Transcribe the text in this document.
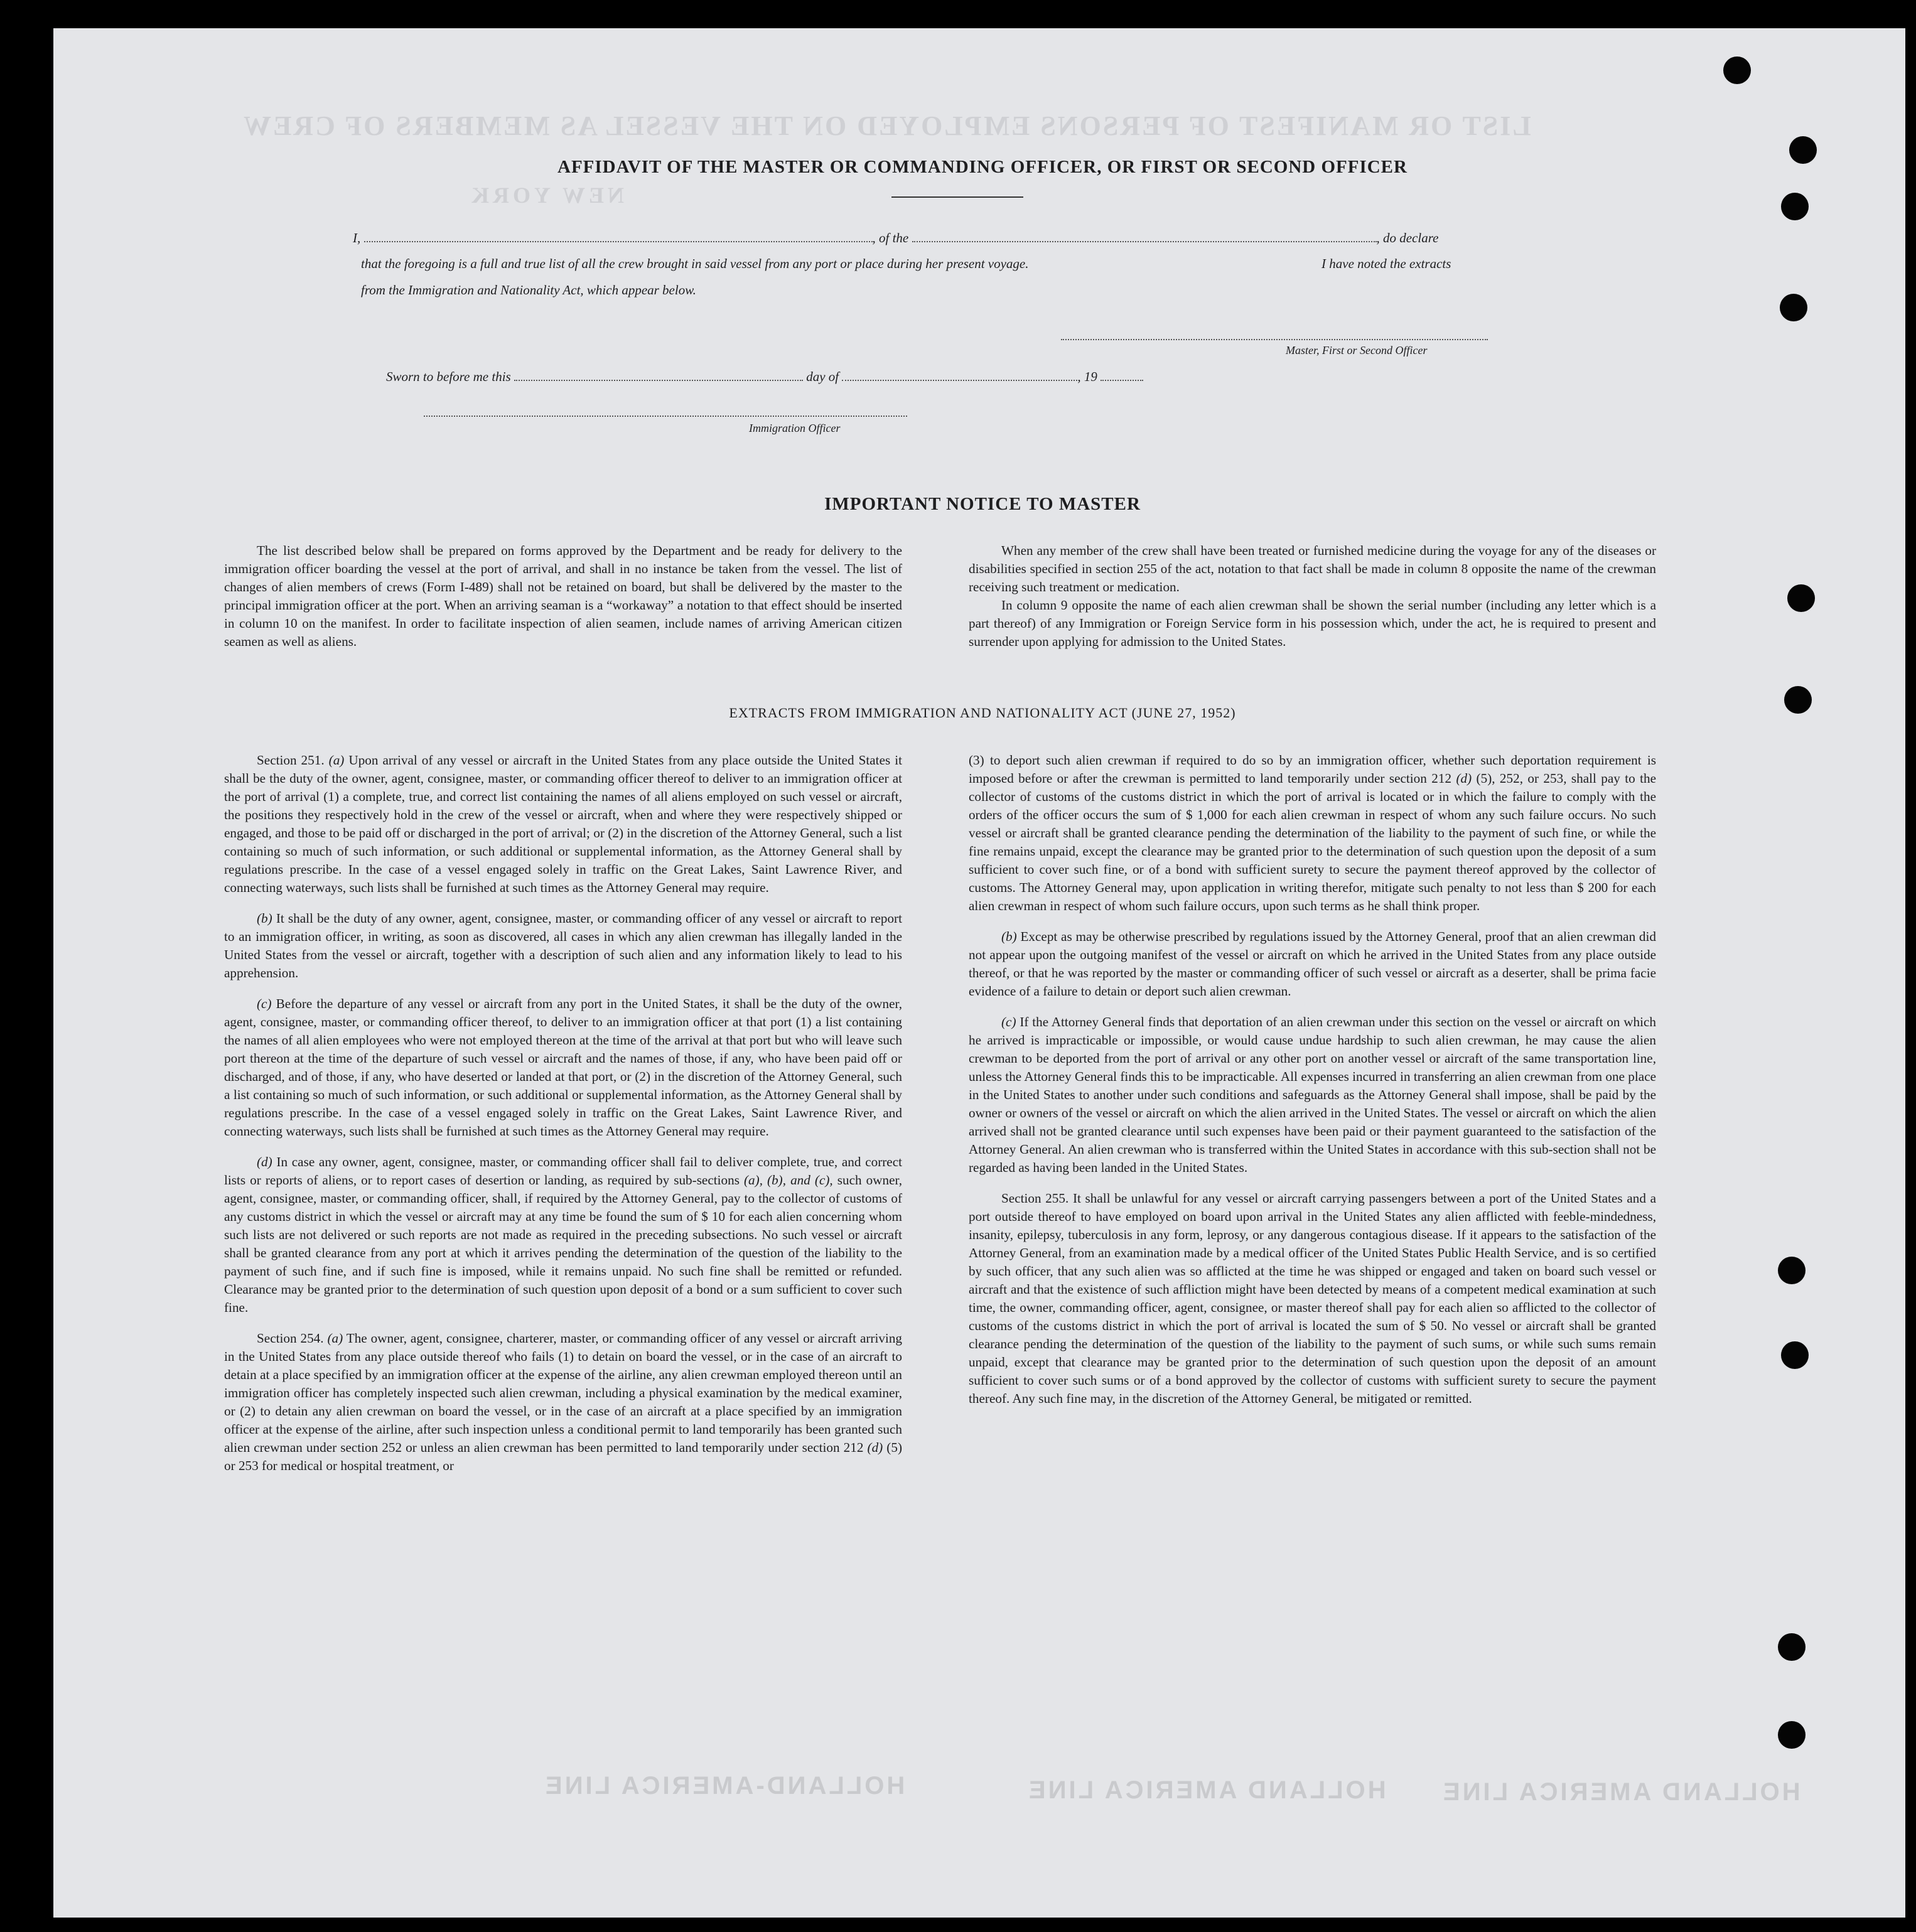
LIST OR MANIFEST OF PERSONS EMPLOYED ON THE VESSEL AS MEMBERS OF CREW
NEW YORK
HOLLAND-AMERICA LINE	HOLLAND AMERICA LINE HOLLAND AMERICA LINE
AFFIDAVIT OF THE MASTER OR COMMANDING OFFICER, OR FIRST OR SECOND OFFICER
I,	, of the	, do declare
that the foregoing is a full and true list of all the crew brought in said vessel from any port or place during her present voyage.	I have noted the extracts
from the Immigration and Nationality Act, which appear below.
Master, First or Second Officer
Sworn to before me this	day of	, 19
Immigration Officer
IMPORTANT NOTICE TO MASTER

The list described below shall be prepared on forms approved by the Department and be ready for delivery to the immigration officer boarding the vessel at the port of arrival, and shall in no instance be taken from the vessel. The list of changes of alien members of crews (Form I-489) shall not be retained on board, but shall be delivered by the master to the principal immigration officer at the port. When an arriving seaman is a “workaway” a notation to that effect should be inserted in column 10 on the manifest. In order to facilitate inspection of alien seamen, include names of arriving American citizen seamen as well as aliens.

When any member of the crew shall have been treated or furnished medicine during the voyage for any of the diseases or disabilities specified in section 255 of the act, notation to that fact shall be made in column 8 opposite the name of the crewman receiving such treatment or medication.

In column 9 opposite the name of each alien crewman shall be shown the serial number (including any letter which is a part thereof) of any Immigration or Foreign Service form in his possession which, under the act, he is required to present and surrender upon applying for admission to the United States.

EXTRACTS FROM IMMIGRATION AND NATIONALITY ACT (JUNE 27, 1952)

Section 251. (a) Upon arrival of any vessel or aircraft in the United States from any place outside the United States it shall be the duty of the owner, agent, consignee, master, or commanding officer thereof to deliver to an immigration officer at the port of arrival (1) a complete, true, and correct list containing the names of all aliens employed on such vessel or aircraft, the positions they respectively hold in the crew of the vessel or aircraft, when and where they were respectively shipped or engaged, and those to be paid off or discharged in the port of arrival; or (2) in the discretion of the Attorney General, such a list containing so much of such information, or such additional or supplemental information, as the Attorney General shall by regulations prescribe. In the case of a vessel engaged solely in traffic on the Great Lakes, Saint Lawrence River, and connecting waterways, such lists shall be furnished at such times as the Attorney General may require.

(b) It shall be the duty of any owner, agent, consignee, master, or commanding officer of any vessel or aircraft to report to an immigration officer, in writing, as soon as discovered, all cases in which any alien crewman has illegally landed in the United States from the vessel or aircraft, together with a description of such alien and any information likely to lead to his apprehension.

(c) Before the departure of any vessel or aircraft from any port in the United States, it shall be the duty of the owner, agent, consignee, master, or commanding officer thereof, to deliver to an immigration officer at that port (1) a list containing the names of all alien employees who were not employed thereon at the time of the arrival at that port but who will leave such port thereon at the time of the departure of such vessel or aircraft and the names of those, if any, who have been paid off or discharged, and of those, if any, who have deserted or landed at that port, or (2) in the discretion of the Attorney General, such a list containing so much of such information, or such additional or supplemental information, as the Attorney General shall by regulations prescribe. In the case of a vessel engaged solely in traffic on the Great Lakes, Saint Lawrence River, and connecting waterways, such lists shall be furnished at such times as the Attorney General may require.

(d) In case any owner, agent, consignee, master, or commanding officer shall fail to deliver complete, true, and correct lists or reports of aliens, or to report cases of desertion or landing, as required by sub-sections (a), (b), and (c), such owner, agent, consignee, master, or commanding officer, shall, if required by the Attorney General, pay to the collector of customs of any customs district in which the vessel or aircraft may at any time be found the sum of $ 10 for each alien concerning whom such lists are not delivered or such reports are not made as required in the preceding subsections. No such vessel or aircraft shall be granted clearance from any port at which it arrives pending the determination of the question of the liability to the payment of such fine, and if such fine is imposed, while it remains unpaid. No such fine shall be remitted or refunded. Clearance may be granted prior to the determination of such question upon deposit of a bond or a sum sufficient to cover such fine.

Section 254. (a) The owner, agent, consignee, charterer, master, or commanding officer of any vessel or aircraft arriving in the United States from any place outside thereof who fails (1) to detain on board the vessel, or in the case of an aircraft to detain at a place specified by an immigration officer at the expense of the airline, any alien crewman employed thereon until an immigration officer has completely inspected such alien crewman, including a physical examination by the medical examiner, or (2) to detain any alien crewman on board the vessel, or in the case of an aircraft at a place specified by an immigration officer at the expense of the airline, after such inspection unless a conditional permit to land temporarily has been granted such alien crewman under section 252 or unless an alien crewman has been permitted to land temporarily under section 212 (d) (5) or 253 for medical or hospital treatment, or

(3) to deport such alien crewman if required to do so by an immigration officer, whether such deportation requirement is imposed before or after the crewman is permitted to land temporarily under section 212 (d) (5), 252, or 253, shall pay to the collector of customs of the customs district in which the port of arrival is located or in which the failure to comply with the orders of the officer occurs the sum of $ 1,000 for each alien crewman in respect of whom any such failure occurs. No such vessel or aircraft shall be granted clearance pending the determination of the liability to the payment of such fine, or while the fine remains unpaid, except the clearance may be granted prior to the determination of such question upon the deposit of a sum sufficient to cover such fine, or of a bond with sufficient surety to secure the payment thereof approved by the collector of customs. The Attorney General may, upon application in writing therefor, mitigate such penalty to not less than $ 200 for each alien crewman in respect of whom such failure occurs, upon such terms as he shall think proper.

(b) Except as may be otherwise prescribed by regulations issued by the Attorney General, proof that an alien crewman did not appear upon the outgoing manifest of the vessel or aircraft on which he arrived in the United States from any place outside thereof, or that he was reported by the master or commanding officer of such vessel or aircraft as a deserter, shall be prima facie evidence of a failure to detain or deport such alien crewman.

(c) If the Attorney General finds that deportation of an alien crewman under this section on the vessel or aircraft on which he arrived is impracticable or impossible, or would cause undue hardship to such alien crewman, he may cause the alien crewman to be deported from the port of arrival or any other port on another vessel or aircraft of the same transportation line, unless the Attorney General finds this to be impracticable. All expenses incurred in transferring an alien crewman from one place in the United States to another under such conditions and safeguards as the Attorney General shall impose, shall be paid by the owner or owners of the vessel or aircraft on which the alien arrived in the United States. The vessel or aircraft on which the alien arrived shall not be granted clearance until such expenses have been paid or their payment guaranteed to the satisfaction of the Attorney General. An alien crewman who is transferred within the United States in accordance with this sub-section shall not be regarded as having been landed in the United States.

Section 255. It shall be unlawful for any vessel or aircraft carrying passengers between a port of the United States and a port outside thereof to have employed on board upon arrival in the United States any alien afflicted with feeble-mindedness, insanity, epilepsy, tuberculosis in any form, leprosy, or any dangerous contagious disease. If it appears to the satisfaction of the Attorney General, from an examination made by a medical officer of the United States Public Health Service, and is so certified by such officer, that any such alien was so afflicted at the time he was shipped or engaged and taken on board such vessel or aircraft and that the existence of such affliction might have been detected by means of a competent medical examination at such time, the owner, commanding officer, agent, consignee, or master thereof shall pay for each alien so afflicted to the collector of customs of the customs district in which the port of arrival is located the sum of $ 50. No vessel or aircraft shall be granted clearance pending the determination of the question of the liability to the payment of such sums, or while such sums remain unpaid, except that clearance may be granted prior to the determination of such question upon the deposit of an amount sufficient to cover such sums or of a bond approved by the collector of customs with sufficient surety to secure the payment thereof. Any such fine may, in the discretion of the Attorney General, be mitigated or remitted.
